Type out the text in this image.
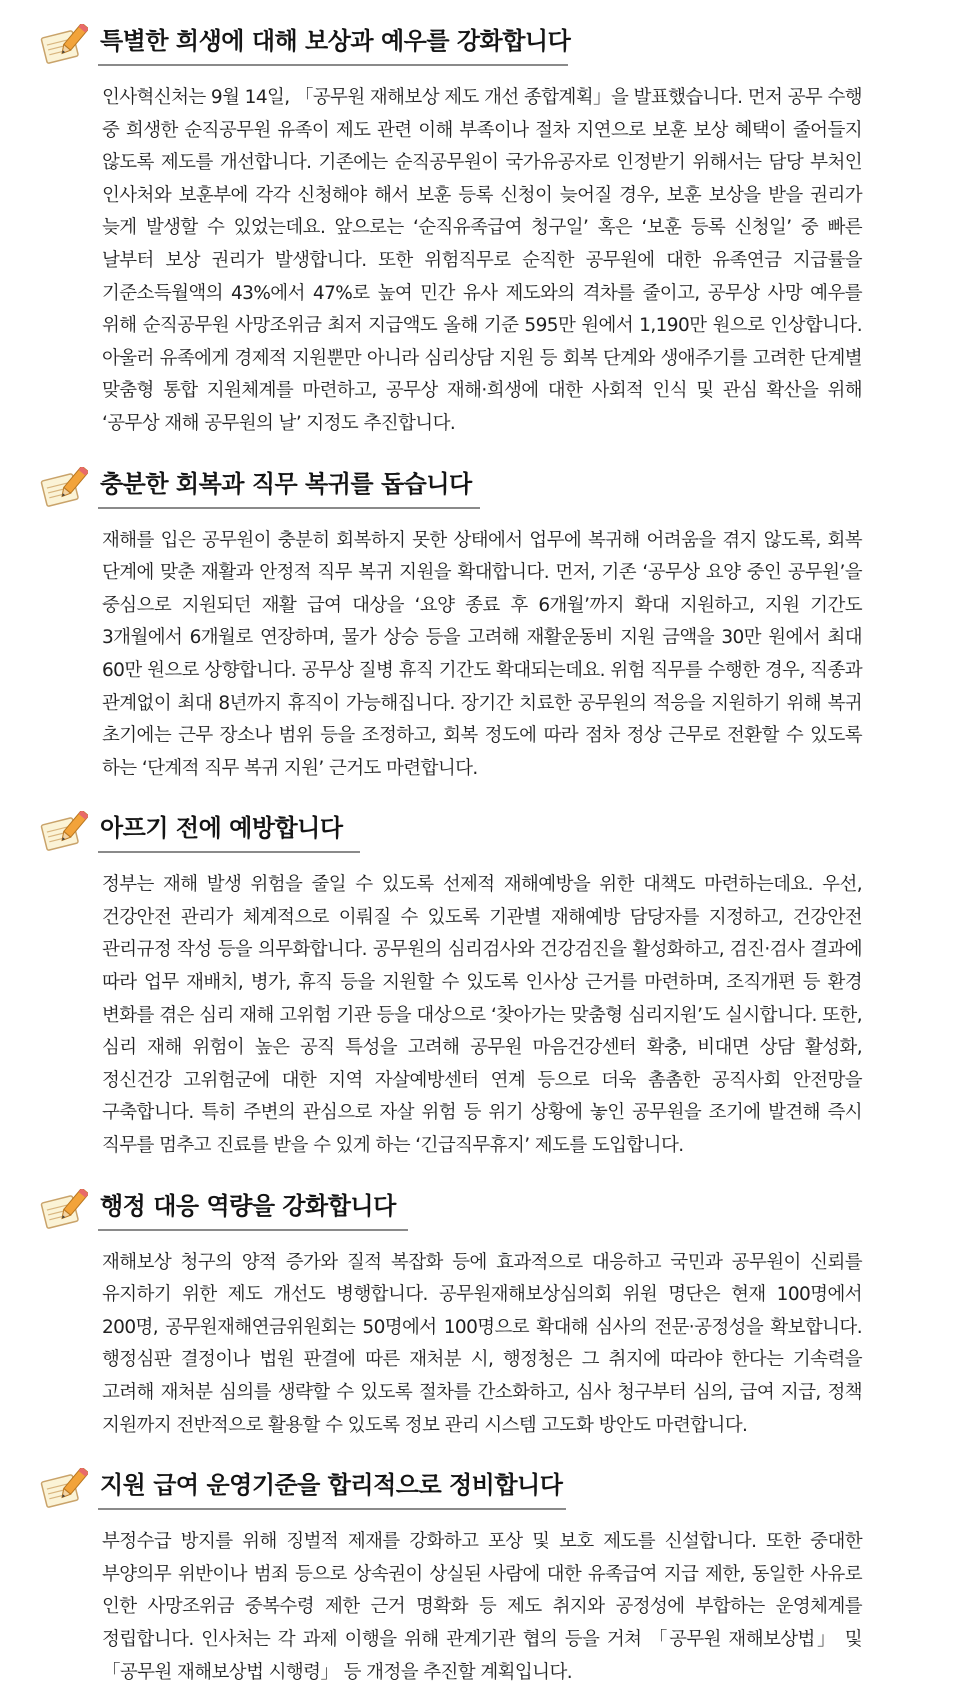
특별한 희생에 대해 보상과 예우를 강화합니다
인사혁신처는 9월 14일, 「공무원 재해보상 제도 개선 종합계획」을 발표했습니다. 먼저 공무 수행 중 희생한 순직공무원 유족이 제도 관련 이해 부족이나 절차 지연으로 보훈 보상 혜택이 줄어들지 않도록 제도를 개선합니다. 기존에는 순직공무원이 국가유공자로 인정받기 위해서는 담당 부처인 인사처와 보훈부에 각각 신청해야 해서 보훈 등록 신청이 늦어질 경우, 보훈 보상을 받을 권리가 늦게 발생할 수 있었는데요. 앞으로는 ‘순직유족급여 청구일’ 혹은 ‘보훈 등록 신청일’ 중 빠른 날부터 보상 권리가 발생합니다. 또한 위험직무로 순직한 공무원에 대한 유족연금 지급률을 기준소득월액의 43%에서 47%로 높여 민간 유사 제도와의 격차를 줄이고, 공무상 사망 예우를 위해 순직공무원 사망조위금 최저 지급액도 올해 기준 595만 원에서 1,190만 원으로 인상합니다. 아울러 유족에게 경제적 지원뿐만 아니라 심리상담 지원 등 회복 단계와 생애주기를 고려한 단계별 맞춤형 통합 지원체계를 마련하고, 공무상 재해·희생에 대한 사회적 인식 및 관심 확산을 위해 ‘공무상 재해 공무원의 날’ 지정도 추진합니다.
충분한 회복과 직무 복귀를 돕습니다
재해를 입은 공무원이 충분히 회복하지 못한 상태에서 업무에 복귀해 어려움을 겪지 않도록, 회복 단계에 맞춘 재활과 안정적 직무 복귀 지원을 확대합니다. 먼저, 기존 ‘공무상 요양 중인 공무원’을 중심으로 지원되던 재활 급여 대상을 ‘요양 종료 후 6개월’까지 확대 지원하고, 지원 기간도 3개월에서 6개월로 연장하며, 물가 상승 등을 고려해 재활운동비 지원 금액을 30만 원에서 최대 60만 원으로 상향합니다. 공무상 질병 휴직 기간도 확대되는데요. 위험 직무를 수행한 경우, 직종과 관계없이 최대 8년까지 휴직이 가능해집니다. 장기간 치료한 공무원의 적응을 지원하기 위해 복귀 초기에는 근무 장소나 범위 등을 조정하고, 회복 정도에 따라 점차 정상 근무로 전환할 수 있도록 하는 ‘단계적 직무 복귀 지원’ 근거도 마련합니다.
아프기 전에 예방합니다
정부는 재해 발생 위험을 줄일 수 있도록 선제적 재해예방을 위한 대책도 마련하는데요. 우선, 건강안전 관리가 체계적으로 이뤄질 수 있도록 기관별 재해예방 담당자를 지정하고, 건강안전 관리규정 작성 등을 의무화합니다. 공무원의 심리검사와 건강검진을 활성화하고, 검진·검사 결과에 따라 업무 재배치, 병가, 휴직 등을 지원할 수 있도록 인사상 근거를 마련하며, 조직개편 등 환경 변화를 겪은 심리 재해 고위험 기관 등을 대상으로 ‘찾아가는 맞춤형 심리지원’도 실시합니다. 또한, 심리 재해 위험이 높은 공직 특성을 고려해 공무원 마음건강센터 확충, 비대면 상담 활성화, 정신건강 고위험군에 대한 지역 자살예방센터 연계 등으로 더욱 촘촘한 공직사회 안전망을 구축합니다. 특히 주변의 관심으로 자살 위험 등 위기 상황에 놓인 공무원을 조기에 발견해 즉시 직무를 멈추고 진료를 받을 수 있게 하는 ‘긴급직무휴지’ 제도를 도입합니다.
행정 대응 역량을 강화합니다
재해보상 청구의 양적 증가와 질적 복잡화 등에 효과적으로 대응하고 국민과 공무원이 신뢰를 유지하기 위한 제도 개선도 병행합니다. 공무원재해보상심의회 위원 명단은 현재 100명에서 200명, 공무원재해연금위원회는 50명에서 100명으로 확대해 심사의 전문·공정성을 확보합니다. 행정심판 결정이나 법원 판결에 따른 재처분 시, 행정청은 그 취지에 따라야 한다는 기속력을 고려해 재처분 심의를 생략할 수 있도록 절차를 간소화하고, 심사 청구부터 심의, 급여 지급, 정책 지원까지 전반적으로 활용할 수 있도록 정보 관리 시스템 고도화 방안도 마련합니다.
지원 급여 운영기준을 합리적으로 정비합니다
부정수급 방지를 위해 징벌적 제재를 강화하고 포상 및 보호 제도를 신설합니다. 또한 중대한 부양의무 위반이나 범죄 등으로 상속권이 상실된 사람에 대한 유족급여 지급 제한, 동일한 사유로 인한 사망조위금 중복수령 제한 근거 명확화 등 제도 취지와 공정성에 부합하는 운영체계를 정립합니다. 인사처는 각 과제 이행을 위해 관계기관 협의 등을 거쳐 「공무원 재해보상법」 및 「공무원 재해보상법 시행령」 등 개정을 추진할 계획입니다.
